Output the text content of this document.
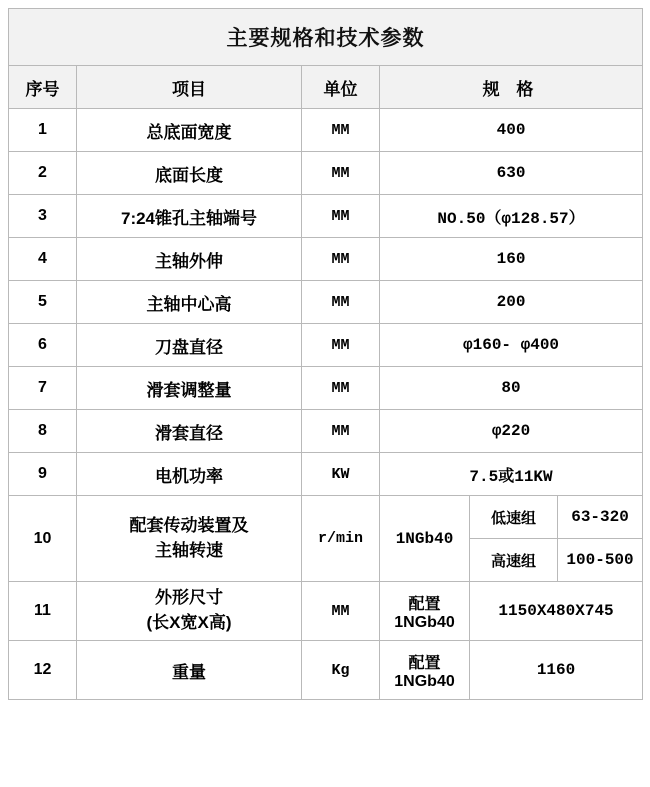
主要规格和技术参数					
序号	项目	单位	规 格		
1	总底面宽度	MM	400		
2	底面长度	MM	630		
3	7:24锥孔主轴端号	MM	NO.50（φ128.57）		
4	主轴外伸	MM	160		
5	主轴中心高	MM	200		
6	刀盘直径	MM	φ160- φ400		
7	滑套调整量	MM	80		
8	滑套直径	MM	φ220		
9	电机功率	KW	7.5或11KW		
10	配套传动装置及
主轴转速	r/min	1NGb40	低速组	63-320
				高速组	100-500
11	外形尺寸
(长X宽X高)	MM	配置1NGb40	1150X480X745	
12	重量	Kg	配置1NGb40	1160	
